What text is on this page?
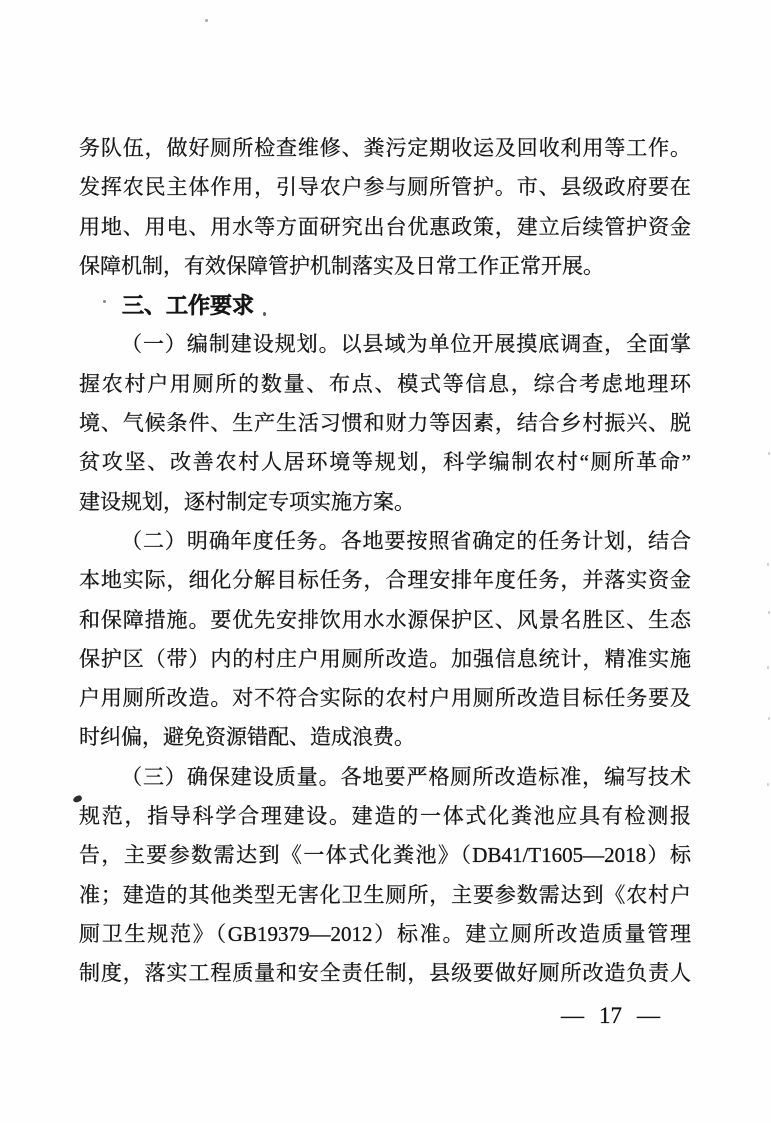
务队伍，做好厕所检查维修、粪污定期收运及回收利用等工作。
发挥农民主体作用，引导农户参与厕所管护。市、县级政府要在
用地、用电、用水等方面研究出台优惠政策，建立后续管护资金
保障机制，有效保障管护机制落实及日常工作正常开展。
三、工作要求
（一）编制建设规划。以县域为单位开展摸底调查，全面掌
握农村户用厕所的数量、布点、模式等信息，综合考虑地理环
境、气候条件、生产生活习惯和财力等因素，结合乡村振兴、脱
贫攻坚、改善农村人居环境等规划，科学编制农村“厕所革命”
建设规划，逐村制定专项实施方案。
（二）明确年度任务。各地要按照省确定的任务计划，结合
本地实际，细化分解目标任务，合理安排年度任务，并落实资金
和保障措施。要优先安排饮用水水源保护区、风景名胜区、生态
保护区（带）内的村庄户用厕所改造。加强信息统计，精准实施
户用厕所改造。对不符合实际的农村户用厕所改造目标任务要及
时纠偏，避免资源错配、造成浪费。
（三）确保建设质量。各地要严格厕所改造标准，编写技术
规范，指导科学合理建设。建造的一体式化粪池应具有检测报
告，主要参数需达到《一体式化粪池》（DB41/T1605—2018）标
准；建造的其他类型无害化卫生厕所，主要参数需达到《农村户
厕卫生规范》（GB19379—2012）标准。建立厕所改造质量管理
制度，落实工程质量和安全责任制，县级要做好厕所改造负责人
— 17 —
